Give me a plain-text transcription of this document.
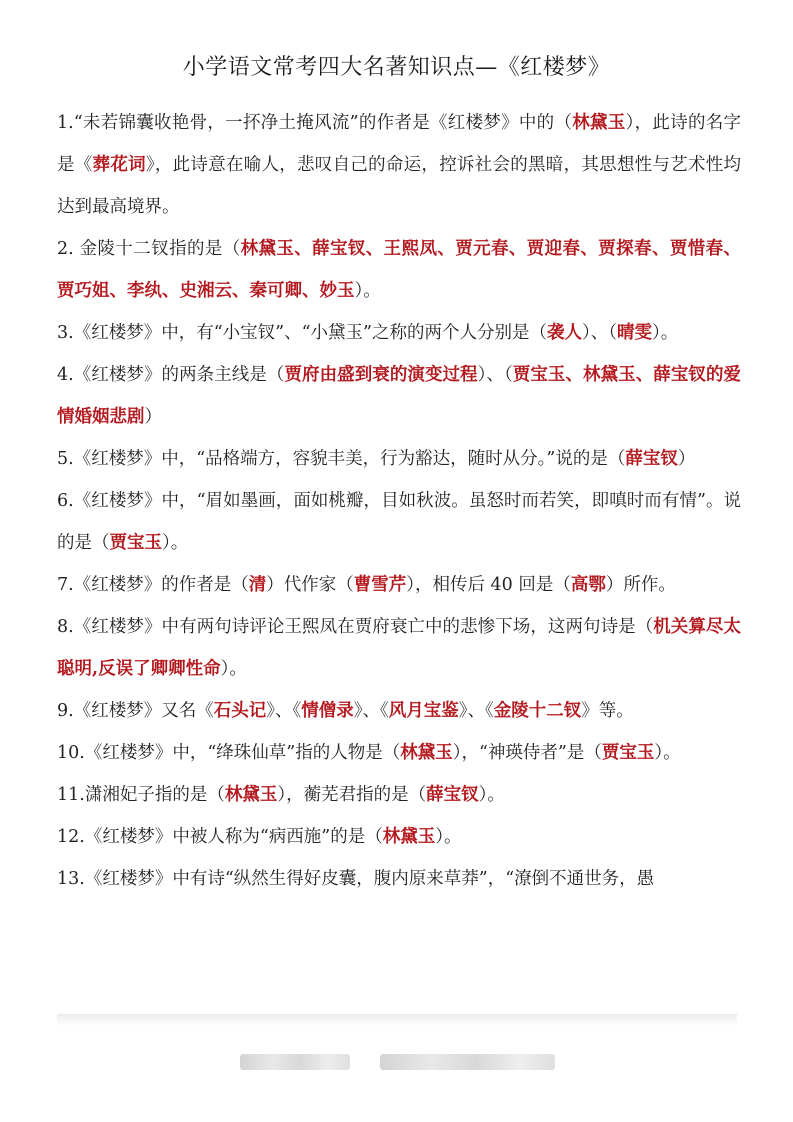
小学语文常考四大名著知识点—《红楼梦》

1.“未若锦囊收艳骨，一抔净土掩风流”的作者是《红楼梦》中的（林黛玉），此诗的名字是《葬花词》，此诗意在喻人，悲叹自己的命运，控诉社会的黑暗，其思想性与艺术性均达到最高境界。

2. 金陵十二钗指的是（林黛玉、薛宝钗、王熙凤、贾元春、贾迎春、贾探春、贾惜春、贾巧姐、李纨、史湘云、秦可卿、妙玉）。

3.《红楼梦》中，有“小宝钗”、“小黛玉”之称的两个人分别是（袭人）、（晴雯）。

4.《红楼梦》的两条主线是（贾府由盛到衰的演变过程）、（贾宝玉、林黛玉、薛宝钗的爱情婚姻悲剧）

5.《红楼梦》中，“品格端方，容貌丰美，行为豁达，随时从分。”说的是（薛宝钗）

6.《红楼梦》中，“眉如墨画，面如桃瓣，目如秋波。虽怒时而若笑，即嗔时而有情”。说的是（贾宝玉）。

7.《红楼梦》的作者是（清）代作家（曹雪芹），相传后 40 回是（高鄂）所作。

8.《红楼梦》中有两句诗评论王熙凤在贾府衰亡中的悲惨下场，这两句诗是（机关算尽太聪明,反误了卿卿性命）。

9.《红楼梦》又名《石头记》、《情僧录》、《风月宝鉴》、《金陵十二钗》等。

10.《红楼梦》中，“绛珠仙草”指的人物是（林黛玉），“神瑛侍者”是（贾宝玉）。

11.潇湘妃子指的是（林黛玉），蘅芜君指的是（薛宝钗）。

12.《红楼梦》中被人称为“病西施”的是（林黛玉）。

13.《红楼梦》中有诗“纵然生得好皮囊，腹内原来草莽”，“潦倒不通世务，愚
